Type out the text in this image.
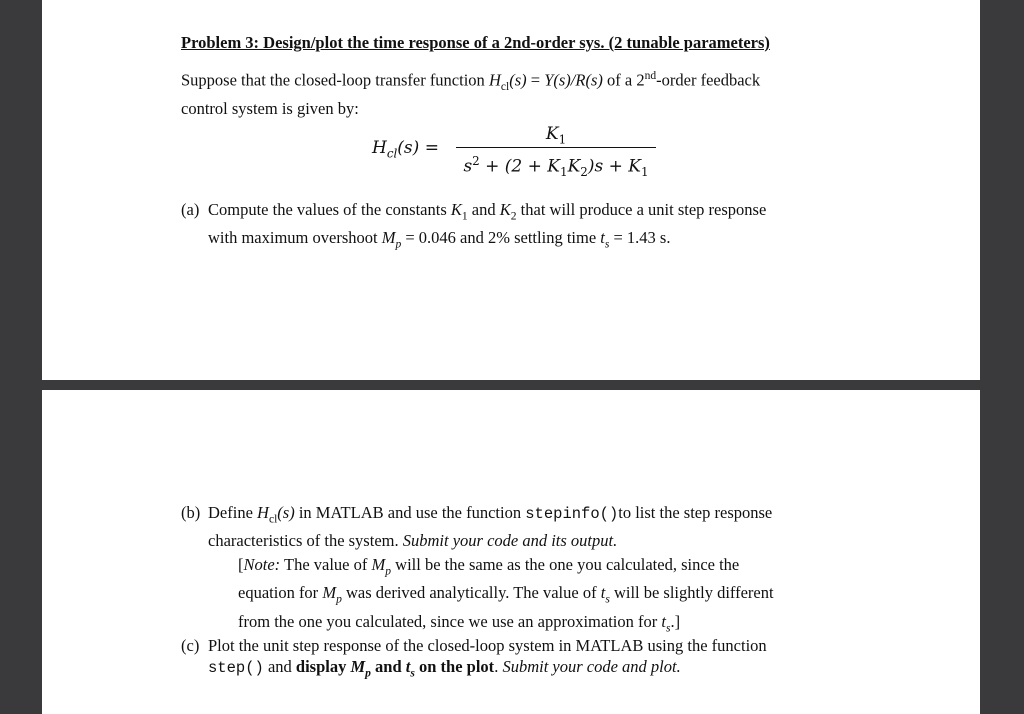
Problem 3: Design/plot the time response of a 2nd-order sys. (2 tunable parameters)
Suppose that the closed-loop transfer function $H_{cl}(s) = Y(s)/R(s)$ of a 2nd-order feedback
control system is given by:
$H_{cl}(s)$ =
$K_1$
$s^2 + (2 + K_1K_2)s + K_1$
(a) Compute the values of the constants $K_1$ and $K_2$ that will produce a unit step response
with maximum overshoot $M_p = 0.046$ and 2% settling time $t_s = 1.43$ s.
(b) Define $H_{cl}(s)$ in MATLAB and use the function stepinfo()to list the step response
characteristics of the system. Submit your code and its output.
[Note: The value of $M_p$ will be the same as the one you calculated, since the
equation for $M_p$ was derived analytically. The value of $t_s$ will be slightly different
from the one you calculated, since we use an approximation for $t_s$.]
(c) Plot the unit step response of the closed-loop system in MATLAB using the function
step() and display $M_p$ and $t_s$ on the plot. Submit your code and plot.
